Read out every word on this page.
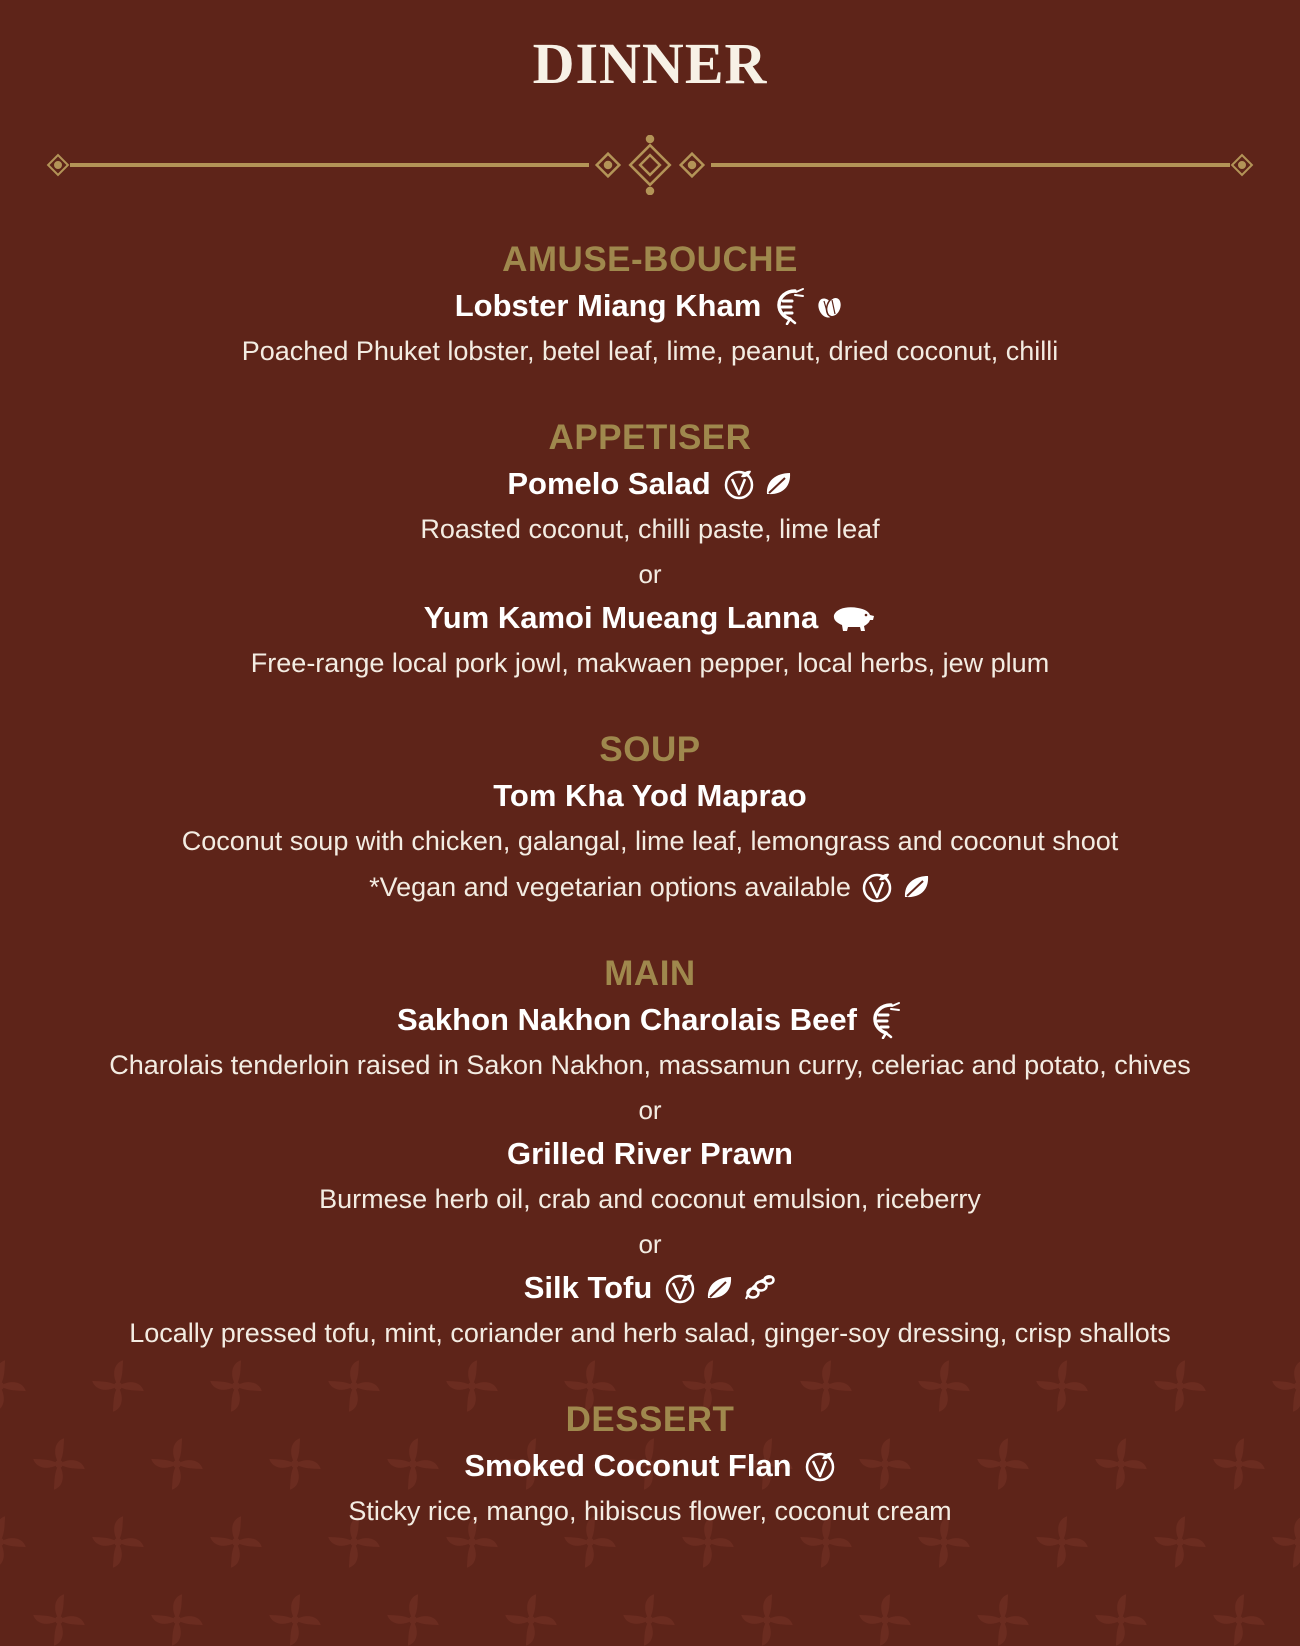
DINNER
AMUSE-BOUCHE
Lobster Miang Kham
Poached Phuket lobster, betel leaf, lime, peanut, dried coconut, chilli
APPETISER
Pomelo Salad
Roasted coconut, chilli paste, lime leaf
or
Yum Kamoi Mueang Lanna
Free-range local pork jowl, makwaen pepper, local herbs, jew plum
SOUP
Tom Kha Yod Maprao
Coconut soup with chicken, galangal, lime leaf, lemongrass and coconut shoot
*Vegan and vegetarian options available
MAIN
Sakhon Nakhon Charolais Beef
Charolais tenderloin raised in Sakon Nakhon, massamun curry, celeriac and potato, chives
or
Grilled River Prawn
Burmese herb oil, crab and coconut emulsion, riceberry
or
Silk Tofu
Locally pressed tofu, mint, coriander and herb salad, ginger-soy dressing, crisp shallots
DESSERT
Smoked Coconut Flan
Sticky rice, mango, hibiscus flower, coconut cream
